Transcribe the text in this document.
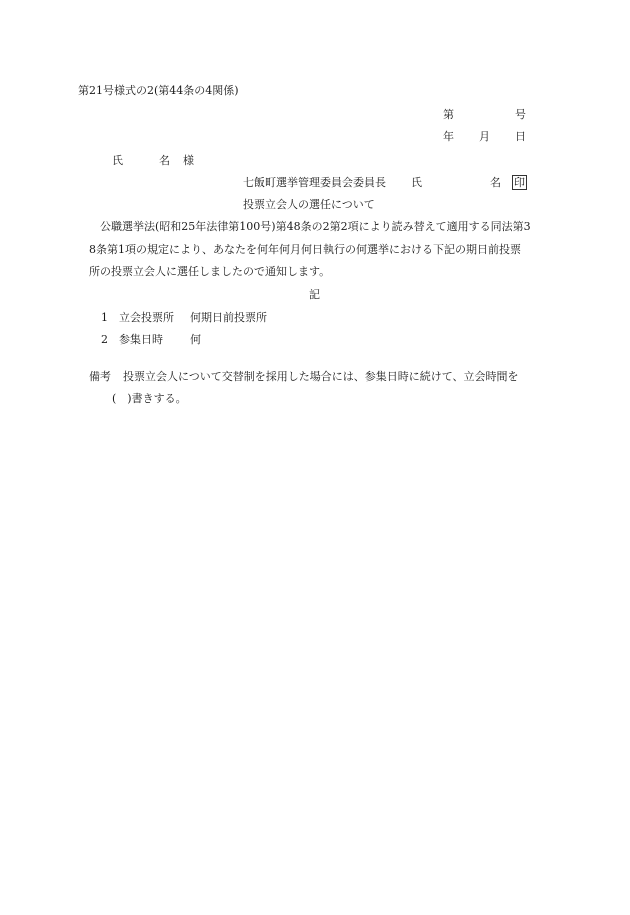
第21号様式の2(第44条の4関係)
第	号
年 月 日
氏	名 様
七飯町選挙管理委員会委員長 氏	名 印
投票立会人の選任について
公職選挙法(昭和25年法律第100号)第48条の2第2項により読み替えて適用する同法第3
8条第1項の規定により、あなたを何年何月何日執行の何選挙における下記の期日前投票
所の投票立会人に選任しましたので通知します。
記
1 立会投票所 何期日前投票所
2 参集日時 何
備考 投票立会人について交替制を採用した場合には、参集日時に続けて、立会時間を
(　)書きする。
